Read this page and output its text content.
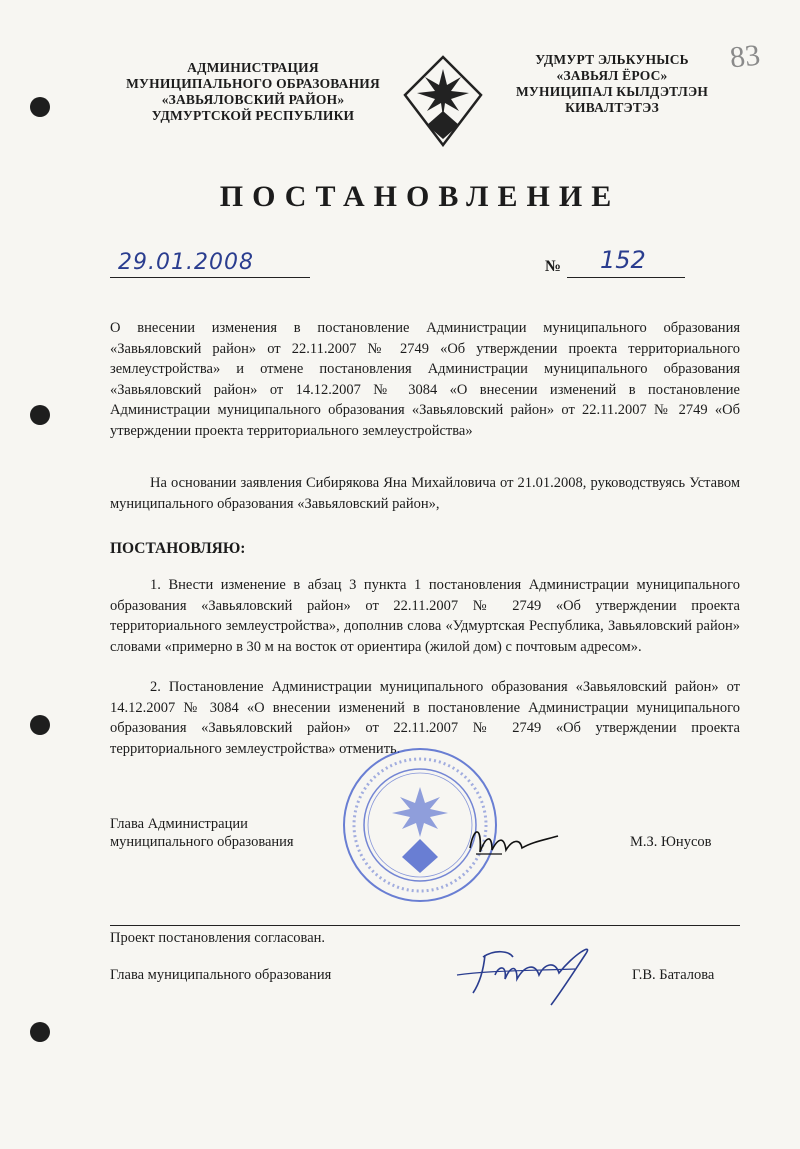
АДМИНИСТРАЦИЯ
МУНИЦИПАЛЬНОГО ОБРАЗОВАНИЯ
«ЗАВЬЯЛОВСКИЙ РАЙОН»
УДМУРТСКОЙ РЕСПУБЛИКИ
УДМУРТ ЭЛЬКУНЫСЬ
«ЗАВЬЯЛ ЁРОС»
МУНИЦИПАЛ КЫЛДЭТЛЭН
КИВАЛТЭТЭЗ
83
ПОСТАНОВЛЕНИЕ
29.01.2008	№ 152
О внесении изменения в постановление Администрации муниципального образования «Завьяловский район» от 22.11.2007 № 2749 «Об утверждении проекта территориального землеустройства» и отмене постановления Администрации муниципального образования «Завьяловский район» от 14.12.2007 № 3084 «О внесении изменений в постановление Администрации муниципального образования «Завьяловский район» от 22.11.2007 № 2749 «Об утверждении проекта территориального землеустройства»
На основании заявления Сибирякова Яна Михайловича от 21.01.2008, руководствуясь Уставом муниципального образования «Завьяловский район»,
ПОСТАНОВЛЯЮ:
1. Внести изменение в абзац 3 пункта 1 постановления Администрации муниципального образования «Завьяловский район» от 22.11.2007 № 2749 «Об утверждении проекта территориального землеустройства», дополнив слова «Удмуртская Республика, Завьяловский район» словами «примерно в 30 м на восток от ориентира (жилой дом) с почтовым адресом».
2. Постановление Администрации муниципального образования «Завьяловский район» от 14.12.2007 № 3084 «О внесении изменений в постановление Администрации муниципального образования «Завьяловский район» от 22.11.2007 № 2749 «Об утверждении проекта территориального землеустройства» отменить.
Глава Администрации
муниципального образования	М.З. Юнусов
Проект постановления согласован.
Глава муниципального образования	Г.В. Баталова
